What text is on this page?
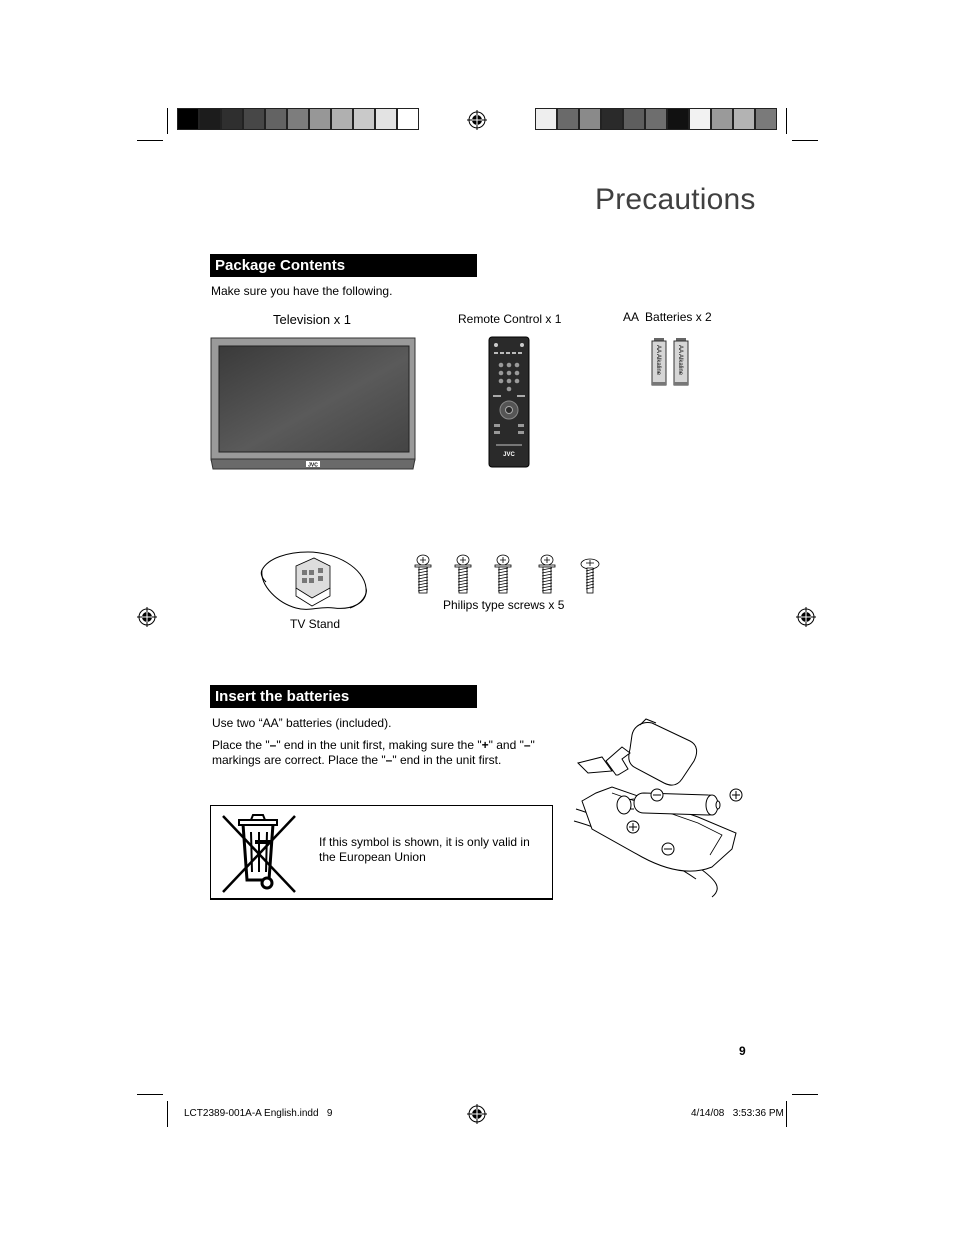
Precautions
Package Contents
Make sure you have the following.
Television x 1	Remote Control x 1	AA  Batteries x 2
JVC
JVC
AA Alkaline	AA Alkaline
TV Stand
Philips type screws x 5
Insert the batteries
Use two “AA” batteries (included).
Place the "–" end in the unit first, making sure the "+" and "–" markings are correct. Place the "–" end in the unit first.
If this symbol is shown, it is only valid in the European Union
9
LCT2389-001A-A English.indd   9	4/14/08   3:53:36 PM
